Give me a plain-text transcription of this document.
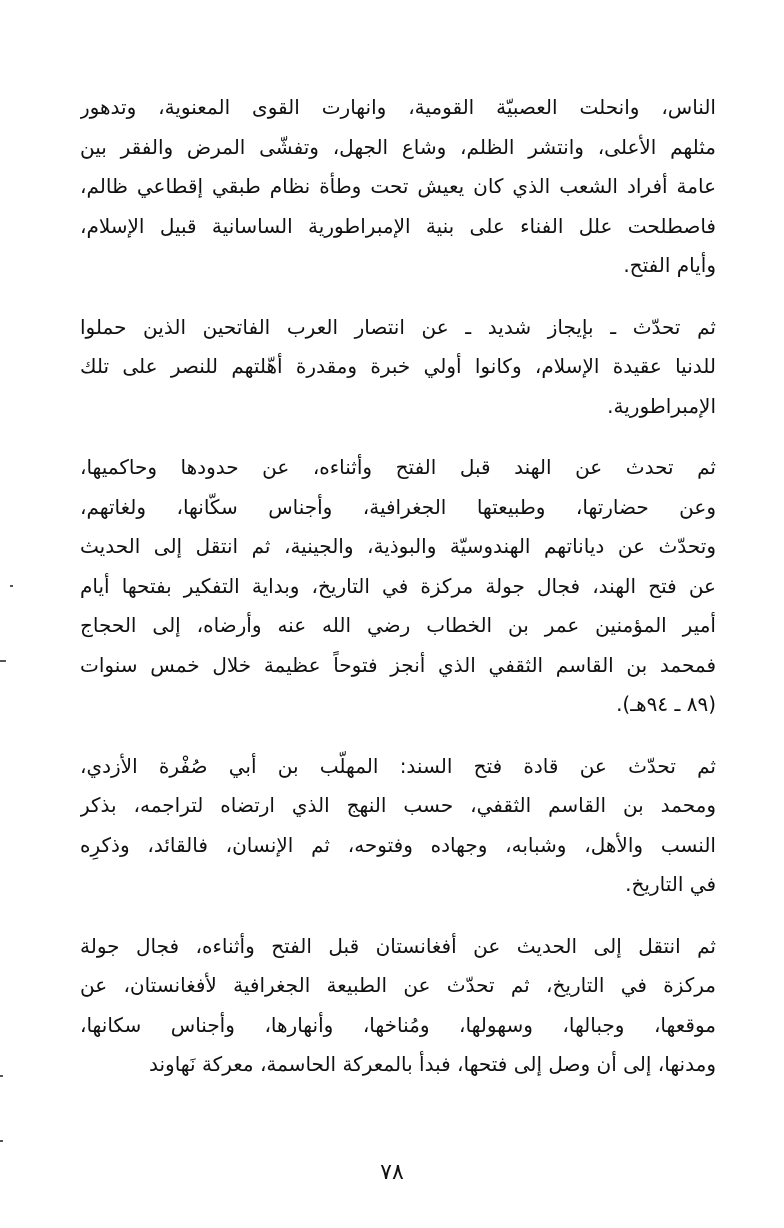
الناس، وانحلت العصبيّة القومية، وانهارت القوى المعنوية، وتدهور
مثلهم الأعلى، وانتشر الظلم، وشاع الجهل، وتفشّى المرض والفقر بين
عامة أفراد الشعب الذي كان يعيش تحت وطأة نظام طبقي إقطاعي ظالم،
فاصطلحت علل الفناء على بنية الإمبراطورية الساسانية قبيل الإسلام،
وأيام الفتح.

ثم تحدّث ـ بإيجاز شديد ـ عن انتصار العرب الفاتحين الذين حملوا
للدنيا عقيدة الإسلام، وكانوا أولي خبرة ومقدرة أهّلتهم للنصر على تلك
الإمبراطورية.

ثم تحدث عن الهند قبل الفتح وأثناءه، عن حدودها وحاكميها،
وعن حضارتها، وطبيعتها الجغرافية، وأجناس سكّانها، ولغاتهم،
وتحدّث عن دياناتهم الهندوسيّة والبوذية، والجينية، ثم انتقل إلى الحديث
عن فتح الهند، فجال جولة مركزة في التاريخ، وبداية التفكير بفتحها أيام
أمير المؤمنين عمر بن الخطاب رضي الله عنه وأرضاه، إلى الحجاج
فمحمد بن القاسم الثقفي الذي أنجز فتوحاً عظيمة خلال خمس سنوات
(٨٩ ـ ٩٤هـ).

ثم تحدّث عن قادة فتح السند: المهلّب بن أبي صُفْرة الأزدي،
ومحمد بن القاسم الثقفي، حسب النهج الذي ارتضاه لتراجمه، بذكر
النسب والأهل، وشبابه، وجهاده وفتوحه، ثم الإنسان، فالقائد، وذكرِه
في التاريخ.

ثم انتقل إلى الحديث عن أفغانستان قبل الفتح وأثناءه، فجال جولة
مركزة في التاريخ، ثم تحدّث عن الطبيعة الجغرافية لأفغانستان، عن
موقعها، وجبالها، وسهولها، ومُناخها، وأنهارها، وأجناس سكانها،
ومدنها، إلى أن وصل إلى فتحها، فبدأ بالمعركة الحاسمة، معركة نَهاوند

٧٨
